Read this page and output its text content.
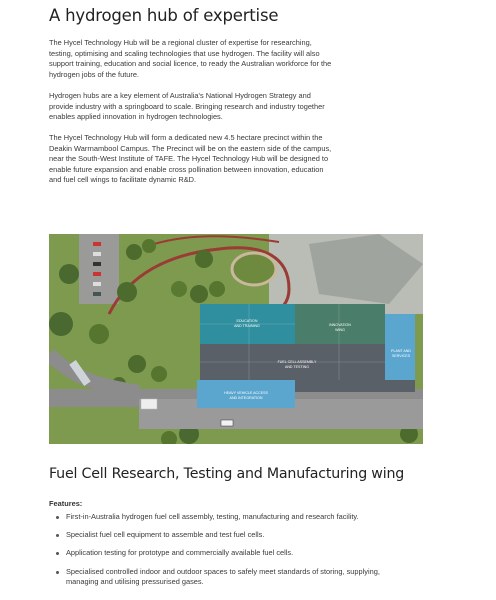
A hydrogen hub of expertise

The Hycel Technology Hub will be a regional cluster of expertise for researching, testing, optimising and scaling technologies that use hydrogen. The facility will also support training, education and social licence, to ready the Australian workforce for the hydrogen jobs of the future.

Hydrogen hubs are a key element of Australia's National Hydrogen Strategy and provide industry with a springboard to scale. Bringing research and industry together enables applied innovation in hydrogen technologies.

The Hycel Technology Hub will form a dedicated new 4.5 hectare precinct within the Deakin Warrnambool Campus. The Precinct will be on the eastern side of the campus, near the South-West Institute of TAFE. The Hycel Technology Hub will be designed to enable future expansion and enable cross pollination between innovation, education and fuel cell wings to facilitate dynamic R&D.

EDUCATION
AND TRAINING	INNOVATION
WING
FUEL CELL ASSEMBLY
AND TESTING
PLANT AND
SERVICES
HEAVY VEHICLE ACCESS
AND INTEGRATION
Fuel Cell Research, Testing and Manufacturing wing
Features:
First-in-Australia hydrogen fuel cell assembly, testing, manufacturing and research facility.
Specialist fuel cell equipment to assemble and test fuel cells.
Application testing for prototype and commercially available fuel cells.
Specialised controlled indoor and outdoor spaces to safely meet standards of storing, supplying, managing and utilising pressurised gases.
